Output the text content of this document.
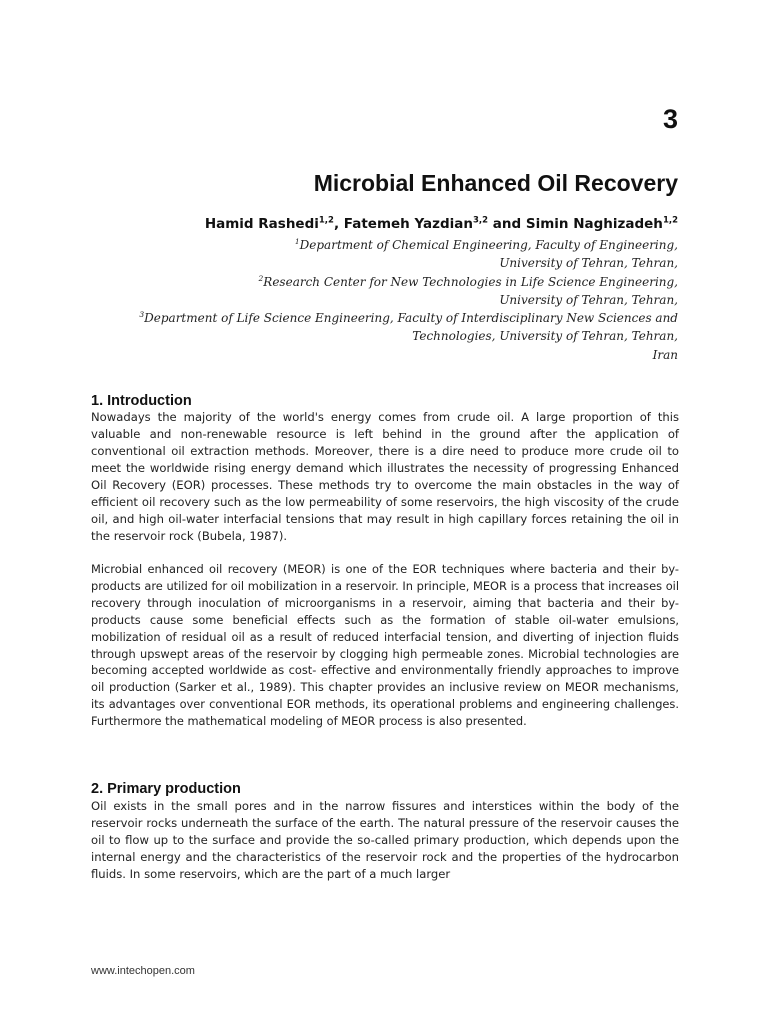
3
Microbial Enhanced Oil Recovery
Hamid Rashedi$^{1,2}$, Fatemeh Yazdian$^{3,2}$ and Simin Naghizadeh$^{1,2}$
$^1$Department of Chemical Engineering, Faculty of Engineering,
University of Tehran, Tehran,
$^2$Research Center for New Technologies in Life Science Engineering,
University of Tehran, Tehran,
$^3$Department of Life Science Engineering, Faculty of Interdisciplinary New Sciences and
Technologies, University of Tehran, Tehran,
Iran
1. Introduction

Nowadays the majority of the world's energy comes from crude oil. A large proportion of this valuable and non-renewable resource is left behind in the ground after the application of conventional oil extraction methods. Moreover, there is a dire need to produce more crude oil to meet the worldwide rising energy demand which illustrates the necessity of progressing Enhanced Oil Recovery (EOR) processes. These methods try to overcome the main obstacles in the way of efficient oil recovery such as the low permeability of some reservoirs, the high viscosity of the crude oil, and high oil-water interfacial tensions that may result in high capillary forces retaining the oil in the reservoir rock (Bubela, 1987).

Microbial enhanced oil recovery (MEOR) is one of the EOR techniques where bacteria and their by-products are utilized for oil mobilization in a reservoir. In principle, MEOR is a process that increases oil recovery through inoculation of microorganisms in a reservoir, aiming that bacteria and their by-products cause some beneficial effects such as the formation of stable oil-water emulsions, mobilization of residual oil as a result of reduced interfacial tension, and diverting of injection fluids through upswept areas of the reservoir by clogging high permeable zones. Microbial technologies are becoming accepted worldwide as cost- effective and environmentally friendly approaches to improve oil production (Sarker et al., 1989). This chapter provides an inclusive review on MEOR mechanisms, its advantages over conventional EOR methods, its operational problems and engineering challenges. Furthermore the mathematical modeling of MEOR process is also presented.

2. Primary production

Oil exists in the small pores and in the narrow fissures and interstices within the body of the reservoir rocks underneath the surface of the earth. The natural pressure of the reservoir causes the oil to flow up to the surface and provide the so-called primary production, which depends upon the internal energy and the characteristics of the reservoir rock and the properties of the hydrocarbon fluids. In some reservoirs, which are the part of a much larger

www.intechopen.com
